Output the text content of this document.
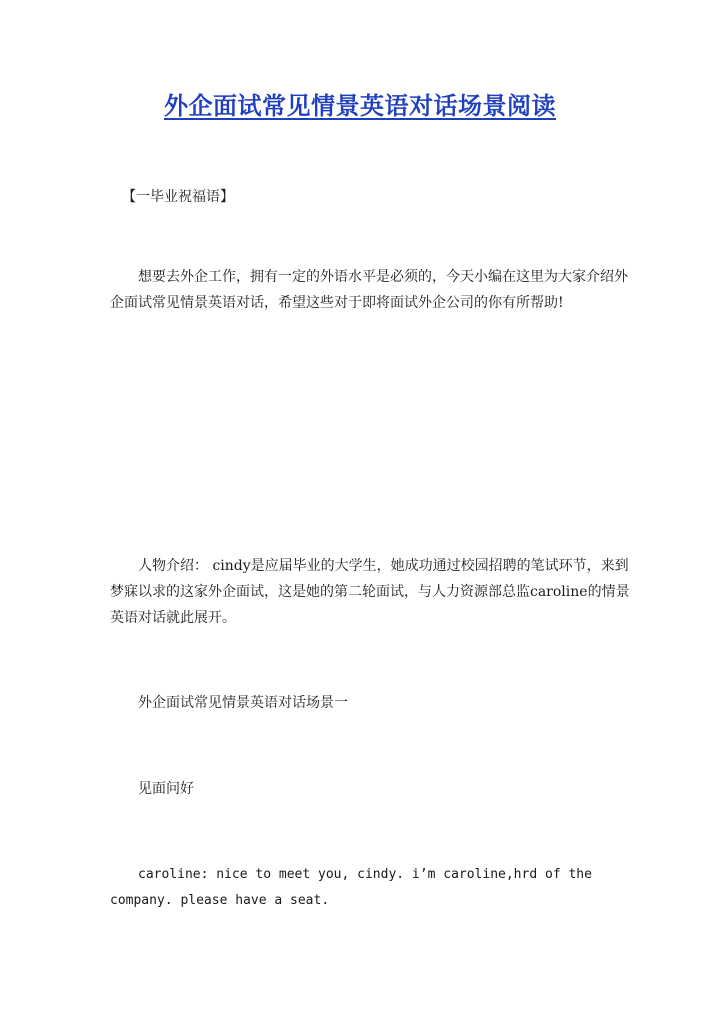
外企面试常见情景英语对话场景阅读

【一毕业祝福语】

想要去外企工作，拥有一定的外语水平是必须的，今天小编在这里为大家介绍外企面试常见情景英语对话，希望这些对于即将面试外企公司的你有所帮助!

人物介绍： cindy是应届毕业的大学生，她成功通过校园招聘的笔试环节，来到梦寐以求的这家外企面试，这是她的第二轮面试，与人力资源部总监caroline的情景英语对话就此展开。

外企面试常见情景英语对话场景一

见面问好

caroline: nice to meet you, cindy. i’m caroline,hrd of the company. please have a seat.
